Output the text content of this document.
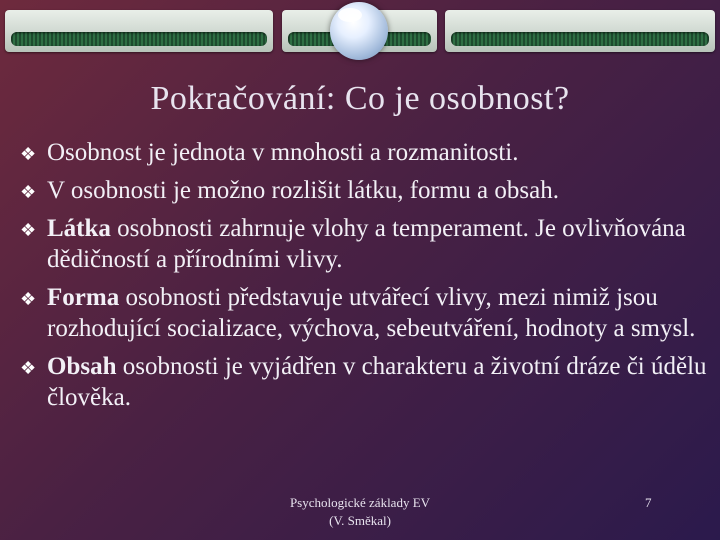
Pokračování: Co je osobnost?
❖ Osobnost je jednota v mnohosti a rozmanitosti.
❖ V osobnosti je možno rozlišit látku, formu a obsah.
❖ Látka osobnosti zahrnuje vlohy a temperament. Je ovlivňována dědičností a přírodními vlivy.
❖ Forma osobnosti představuje utvářecí vlivy, mezi nimiž jsou rozhodující socializace, výchova, sebeutváření, hodnoty a smysl.
❖ Obsah osobnosti je vyjádřen v charakteru a životní dráze či údělu člověka.
Psychologické základy EV
(V. Směkal)
7
